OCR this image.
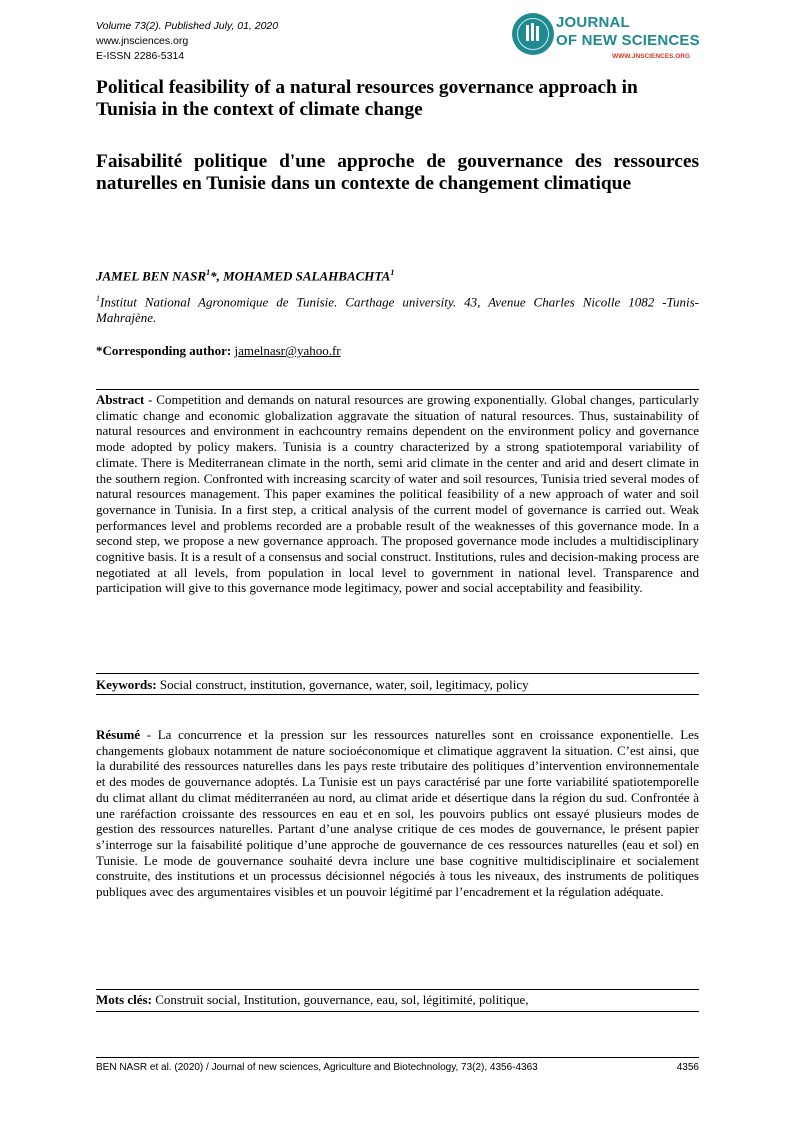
Volume 73(2). Published July, 01, 2020
www.jnsciences.org
E-ISSN 2286-5314
JOURNAL
OF NEW SCIENCES
WWW.JNSCIENCES.ORG
Political feasibility of a natural resources governance approach in Tunisia in the context of climate change
Faisabilité politique d'une approche de gouvernance des ressources naturelles en Tunisie dans un contexte de changement climatique
JAMEL BEN NASR$^1$*, MOHAMED SALAHBACHTA$^1$
$^1$Institut National Agronomique de Tunisie. Carthage university. 43, Avenue Charles Nicolle 1082 -Tunis- Mahrajène.
*Corresponding author: jamelnasr@yahoo.fr
Abstract - Competition and demands on natural resources are growing exponentially. Global changes, particularly climatic change and economic globalization aggravate the situation of natural resources. Thus, sustainability of natural resources and environment in eachcountry remains dependent on the environment policy and governance mode adopted by policy makers. Tunisia is a country characterized by a strong spatiotemporal variability of climate. There is Mediterranean climate in the north, semi arid climate in the center and arid and desert climate in the southern region. Confronted with increasing scarcity of water and soil resources, Tunisia tried several modes of natural resources management. This paper examines the political feasibility of a new approach of water and soil governance in Tunisia. In a first step, a critical analysis of the current model of governance is carried out. Weak performances level and problems recorded are a probable result of the weaknesses of this governance mode. In a second step, we propose a new governance approach. The proposed governance mode includes a multidisciplinary cognitive basis. It is a result of a consensus and social construct. Institutions, rules and decision-making process are negotiated at all levels, from population in local level to government in national level. Transparence and participation will give to this governance mode legitimacy, power and social acceptability and feasibility.
Keywords: Social construct, institution, governance, water, soil, legitimacy, policy
Résumé - La concurrence et la pression sur les ressources naturelles sont en croissance exponentielle. Les changements globaux notamment de nature socioéconomique et climatique aggravent la situation. C’est ainsi, que la durabilité des ressources naturelles dans les pays reste tributaire des politiques d’intervention environnementale et des modes de gouvernance adoptés. La Tunisie est un pays caractérisé par une forte variabilité spatiotemporelle du climat allant du climat méditerranéen au nord, au climat aride et désertique dans la région du sud. Confrontée à une raréfaction croissante des ressources en eau et en sol, les pouvoirs publics ont essayé plusieurs modes de gestion des ressources naturelles. Partant d’une analyse critique de ces modes de gouvernance, le présent papier s’interroge sur la faisabilité politique d’une approche de gouvernance de ces ressources naturelles (eau et sol) en Tunisie. Le mode de gouvernance souhaité devra inclure une base cognitive multidisciplinaire et socialement construite, des institutions et un processus décisionnel négociés à tous les niveaux, des instruments de politiques publiques avec des argumentaires visibles et un pouvoir légitimé par l’encadrement et la régulation adéquate.
Mots clés: Construit social, Institution, gouvernance, eau, sol, légitimité, politique,
BEN NASR et al. (2020) / Journal of new sciences, Agriculture and Biotechnology, 73(2), 4356-4363	4356
